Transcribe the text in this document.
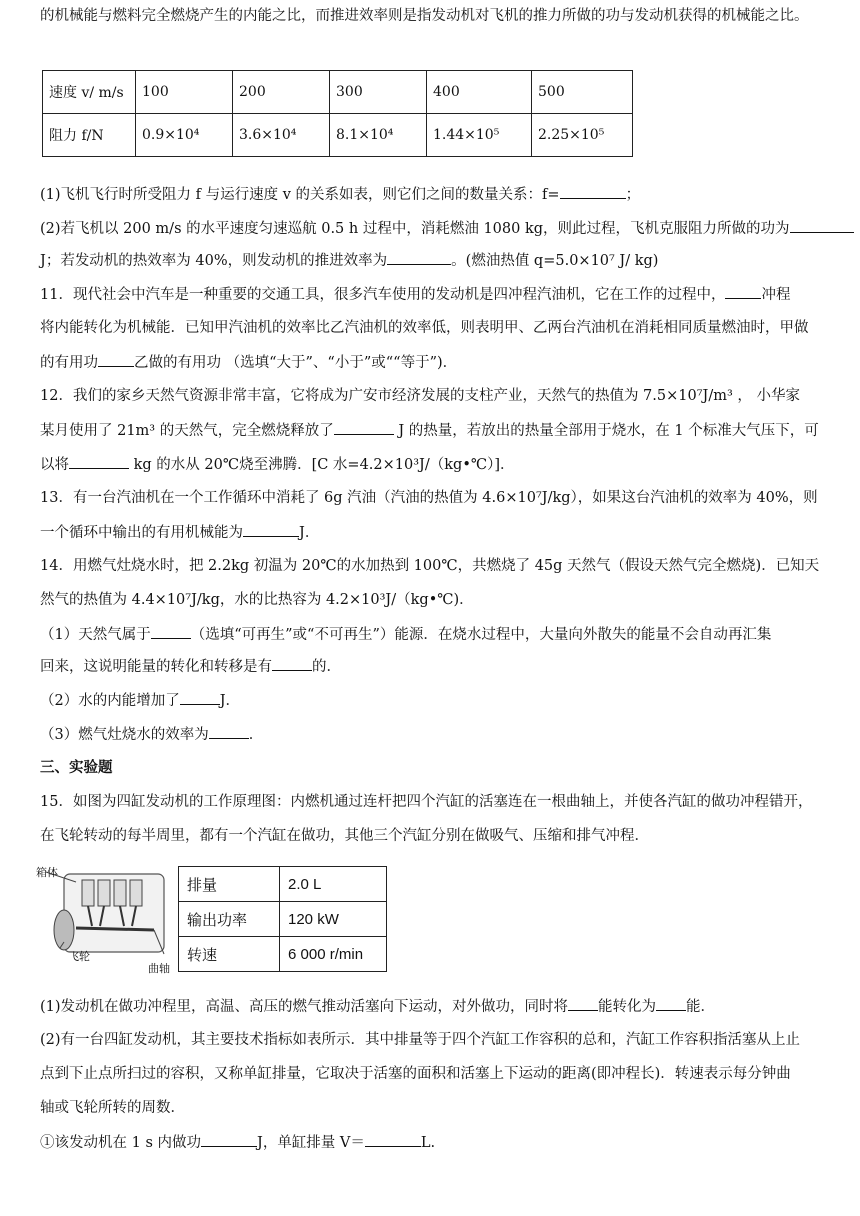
的机械能与燃料完全燃烧产生的内能之比，而推进效率则是指发动机对飞机的推力所做的功与发动机获得的机械能之比。
速度 v/ m/s	100	200	300	400	500
阻力 f/N	0.9×10⁴	3.6×10⁴	8.1×10⁴	1.44×10⁵	2.25×10⁵
(1)飞机飞行时所受阻力 f 与运行速度 v 的关系如表，则它们之间的数量关系：f=	；
(2)若飞机以 200 m/s 的水平速度匀速巡航 0.5 h 过程中，消耗燃油 1080 kg，则此过程，飞机克服阻力所做的功为
J；若发动机的热效率为 40%，则发动机的推进效率为	。(燃油热值 q=5.0×10⁷ J/ kg)
11．现代社会中汽车是一种重要的交通工具，很多汽车使用的发动机是四冲程汽油机，它在工作的过程中， 冲程
将内能转化为机械能．已知甲汽油机的效率比乙汽油机的效率低，则表明甲、乙两台汽油机在消耗相同质量燃油时，甲做
的有用功 乙做的有用功 （选填“大于”、“小于”或““等于”)．
12．我们的家乡天然气资源非常丰富，它将成为广安市经济发展的支柱产业，天然气的热值为 7.5×10⁷J/m³ ， 小华家
某月使用了 21m³ 的天然气，完全燃烧释放了	J 的热量，若放出的热量全部用于烧水，在 1 个标准大气压下，可
以将	kg 的水从 20℃烧至沸腾．[C 水=4.2×10³J/（kg•℃）]．
13．有一台汽油机在一个工作循环中消耗了 6g 汽油（汽油的热值为 4.6×10⁷J/kg），如果这台汽油机的效率为 40%，则
一个循环中输出的有用机械能为	J．
14．用燃气灶烧水时，把 2.2kg 初温为 20℃的水加热到 100℃，共燃烧了 45g 天然气（假设天然气完全燃烧)．已知天
然气的热值为 4.4×10⁷J/kg，水的比热容为 4.2×10³J/（kg•℃)．
（1）天然气属于	（选填“可再生”或“不可再生”）能源．在烧水过程中，大量向外散失的能量不会自动再汇集
回来，这说明能量的转化和转移是有	的．
（2）水的内能增加了	J．
（3）燃气灶烧水的效率为	．
三、实验题
15．如图为四缸发动机的工作原理图：内燃机通过连杆把四个汽缸的活塞连在一根曲轴上，并使各汽缸的做功冲程错开，
在飞轮转动的每半周里，都有一个汽缸在做功，其他三个汽缸分别在做吸气、压缩和排气冲程．
箱体
飞轮
曲轴
排量	2.0 L
输出功率	120 kW
转速	6 000 r/min
(1)发动机在做功冲程里，高温、高压的燃气推动活塞向下运动，对外做功，同时将 能转化为 能．
(2)有一台四缸发动机，其主要技术指标如表所示．其中排量等于四个汽缸工作容积的总和，汽缸工作容积指活塞从上止
点到下止点所扫过的容积，又称单缸排量，它取决于活塞的面积和活塞上下运动的距离(即冲程长)．转速表示每分钟曲
轴或飞轮所转的周数．
①该发动机在 1 s 内做功	J，单缸排量 V＝	L.
